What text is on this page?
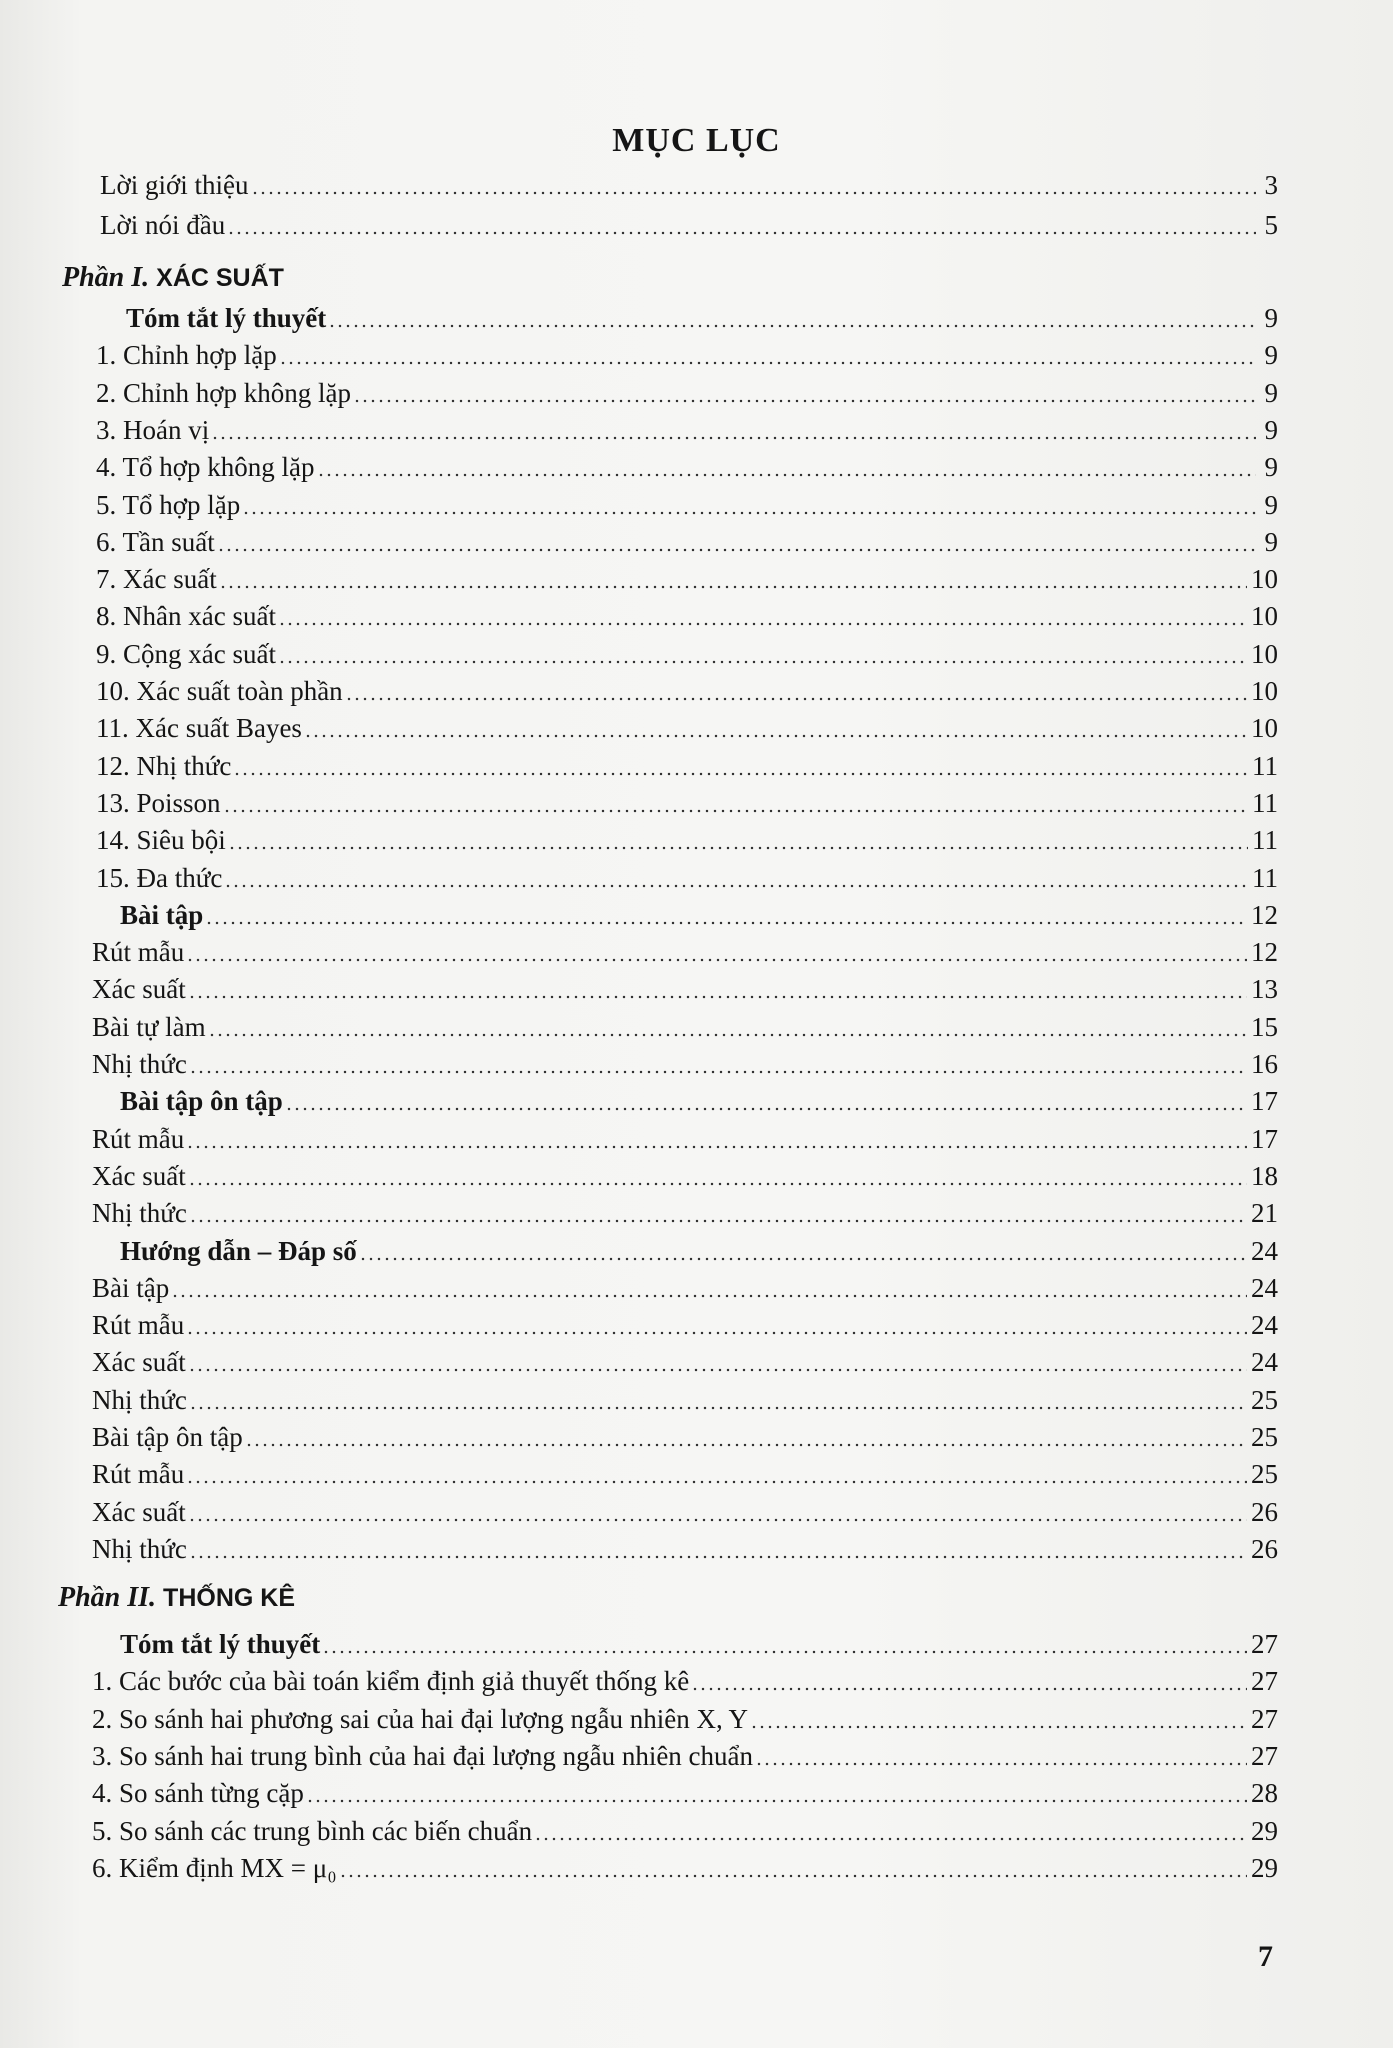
MỤC LỤC
Lời giới thiệu	3
Lời nói đầu	5
Phần I. XÁC SUẤT
Tóm tắt lý thuyết	9
1. Chỉnh hợp lặp	9
2. Chỉnh hợp không lặp	9
3. Hoán vị	9
4. Tổ hợp không lặp	9
5. Tổ hợp lặp	9
6. Tần suất	9
7. Xác suất	10
8. Nhân xác suất	10
9. Cộng xác suất	10
10. Xác suất toàn phần	10
11. Xác suất Bayes	10
12. Nhị thức	11
13. Poisson	11
14. Siêu bội	11
15. Đa thức	11
Bài tập	12
Rút mẫu	12
Xác suất	13
Bài tự làm	15
Nhị thức	16
Bài tập ôn tập	17
Rút mẫu	17
Xác suất	18
Nhị thức	21
Hướng dẫn – Đáp số	24
Bài tập	24
Rút mẫu	24
Xác suất	24
Nhị thức	25
Bài tập ôn tập	25
Rút mẫu	25
Xác suất	26
Nhị thức	26
Phần II. THỐNG KÊ
Tóm tắt lý thuyết	27
1. Các bước của bài toán kiểm định giả thuyết thống kê	27
2. So sánh hai phương sai của hai đại lượng ngẫu nhiên X, Y	27
3. So sánh hai trung bình của hai đại lượng ngẫu nhiên chuẩn	27
4. So sánh từng cặp	28
5. So sánh các trung bình các biến chuẩn	29
6. Kiểm định MX = μ₀	29
7
